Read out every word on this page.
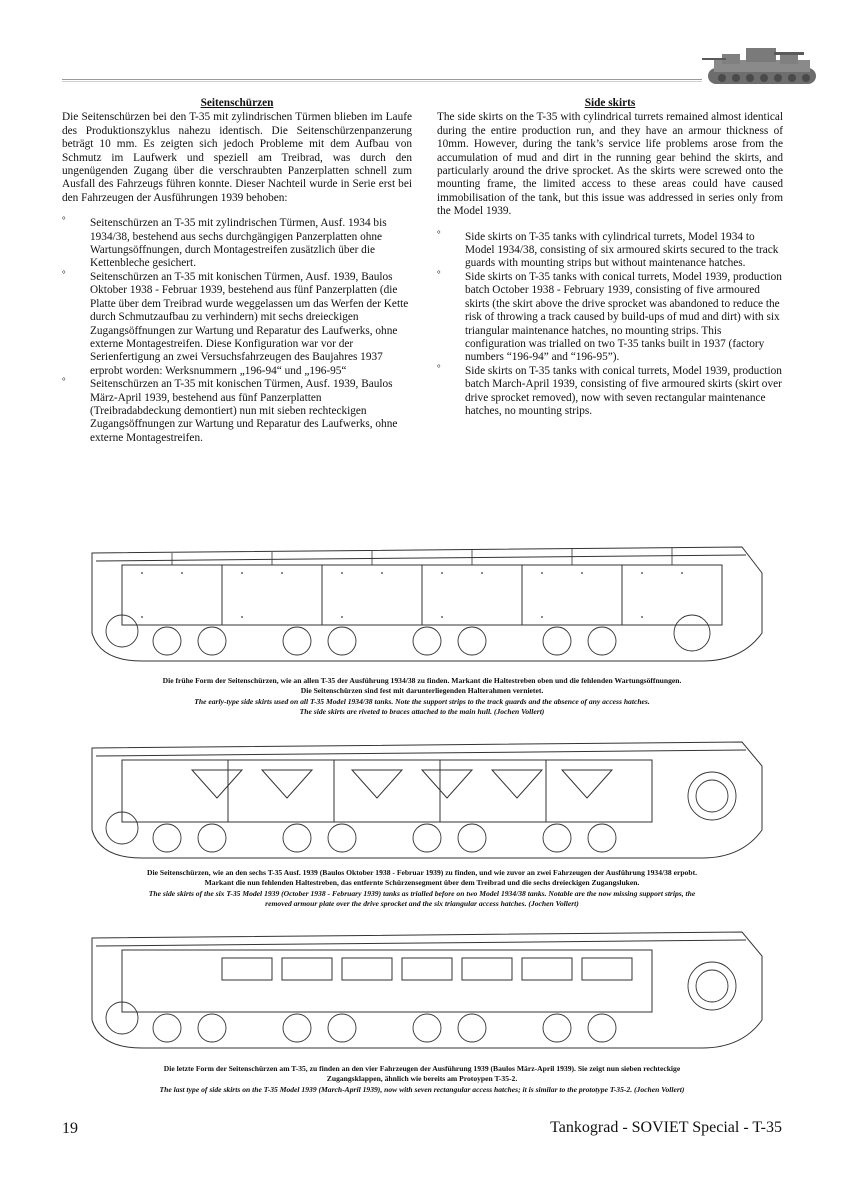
Seitenschürzen

Die Seitenschürzen bei den T-35 mit zylindrischen Türmen blieben im Laufe des Produktionszyklus nahezu identisch. Die Seitenschürzenpanzerung beträgt 10 mm. Es zeigten sich jedoch Probleme mit dem Aufbau von Schmutz im Laufwerk und speziell am Treibrad, was durch den ungenügenden Zugang über die verschraubten Panzerplatten schnell zum Ausfall des Fahrzeugs führen konnte. Dieser Nachteil wurde in Serie erst bei den Fahrzeugen der Ausführungen 1939 behoben:

° Seitenschürzen an T-35 mit zylindrischen Türmen, Ausf. 1934 bis 1934/38, bestehend aus sechs durchgängigen Panzerplatten ohne Wartungsöffnungen, durch Montagestreifen zusätzlich über die Kettenbleche gesichert.
° Seitenschürzen an T-35 mit konischen Türmen, Ausf. 1939, Baulos Oktober 1938 - Februar 1939, bestehend aus fünf Panzerplatten (die Platte über dem Treibrad wurde weggelassen um das Werfen der Kette durch Schmutzaufbau zu verhindern) mit sechs dreieckigen Zugangsöffnungen zur Wartung und Reparatur des Laufwerks, ohne externe Montagestreifen. Diese Konfiguration war vor der Serienfertigung an zwei Versuchsfahrzeugen des Baujahres 1937 erprobt worden: Werksnummern „196-94“ und „196-95“
° Seitenschürzen an T-35 mit konischen Türmen, Ausf. 1939, Baulos März-April 1939, bestehend aus fünf Panzerplatten (Treibradabdeckung demontiert) nun mit sieben rechteckigen Zugangsöffnungen zur Wartung und Reparatur des Laufwerks, ohne externe Montagestreifen.
Side skirts

The side skirts on the T-35 with cylindrical turrets remained almost identical during the entire production run, and they have an armour thickness of 10mm. However, during the tank’s service life problems arose from the accumulation of mud and dirt in the running gear behind the skirts, and particularly around the drive sprocket. As the skirts were screwed onto the mounting frame, the limited access to these areas could have caused immobilisation of the tank, but this issue was addressed in series only from the Model 1939.

° Side skirts on T-35 tanks with cylindrical turrets, Model 1934 to Model 1934/38, consisting of six armoured skirts secured to the track guards with mounting strips but without maintenance hatches.
° Side skirts on T-35 tanks with conical turrets, Model 1939, production batch October 1938 - February 1939, consisting of five armoured skirts (the skirt above the drive sprocket was abandoned to reduce the risk of throwing a track caused by build-ups of mud and dirt) with six triangular maintenance hatches, no mounting strips. This configuration was trialled on two T-35 tanks built in 1937 (factory numbers “196-94” and “196-95”).
° Side skirts on T-35 tanks with conical turrets, Model 1939, production batch March-April 1939, consisting of five armoured skirts (skirt over drive sprocket removed), now with seven rectangular maintenance hatches, no mounting strips.
Die frühe Form der Seitenschürzen, wie an allen T-35 der Ausführung 1934/38 zu finden. Markant die Haltestreben oben und die fehlenden Wartungsöffnungen.
Die Seitenschürzen sind fest mit darunterliegenden Halterahmen vernietet.
The early-type side skirts used on all T-35 Model 1934/38 tanks. Note the support strips to the track guards and the absence of any access hatches.
The side skirts are riveted to braces attached to the main hull. (Jochen Vollert)
Die Seitenschürzen, wie an den sechs T-35 Ausf. 1939 (Baulos Oktober 1938 - Februar 1939) zu finden, und wie zuvor an zwei Fahrzeugen der Ausführung 1934/38 erpobt.
Markant die nun fehlenden Haltestreben, das entfernte Schürzensegment über dem Treibrad und die sechs dreieckigen Zugangsluken.
The side skirts of the six T-35 Model 1939 (October 1938 - February 1939) tanks as trialled before on two Model 1934/38 tanks. Notable are the now missing support strips, the
removed armour plate over the drive sprocket and the six triangular access hatches. (Jochen Vollert)
Die letzte Form der Seitenschürzen am T-35, zu finden an den vier Fahrzeugen der Ausführung 1939 (Baulos März-April 1939). Sie zeigt nun sieben rechteckige
Zugangsklappen, ähnlich wie bereits am Protoypen T-35-2.
The last type of side skirts on the T-35 Model 1939 (March-April 1939), now with seven rectangular access hatches; it is similar to the prototype T-35-2. (Jochen Vollert)
19	Tankograd - SOVIET Special - T-35
